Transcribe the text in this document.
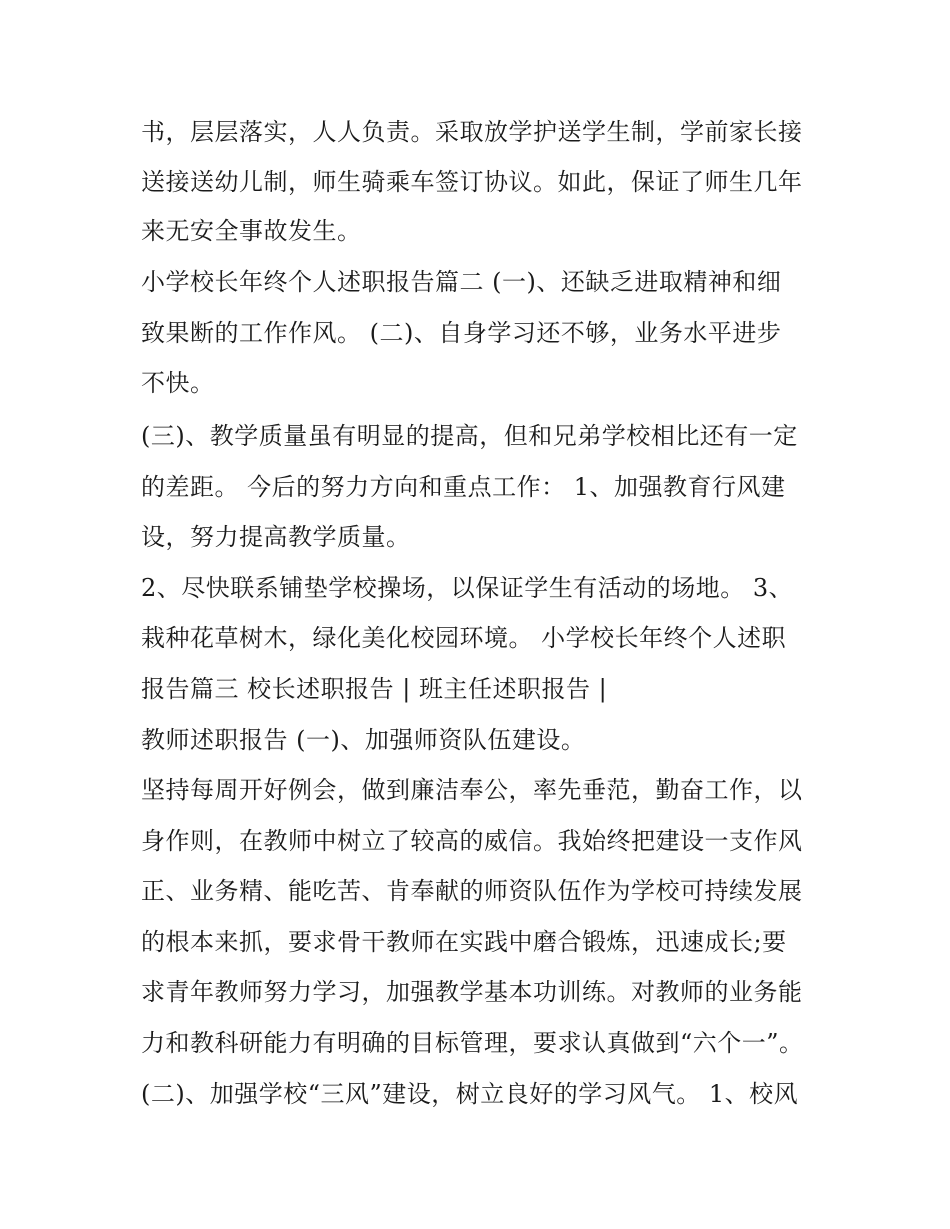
书，层层落实，人人负责。采取放学护送学生制，学前家长接
送接送幼儿制，师生骑乘车签订协议。如此，保证了师生几年
来无安全事故发生。
小学校长年终个人述职报告篇二 (一)、还缺乏进取精神和细
致果断的工作作风。 (二)、自身学习还不够，业务水平进步
不快。
(三)、教学质量虽有明显的提高，但和兄弟学校相比还有一定
的差距。 今后的努力方向和重点工作： 1、加强教育行风建
设，努力提高教学质量。
2、尽快联系铺垫学校操场，以保证学生有活动的场地。 3、
栽种花草树木，绿化美化校园环境。 小学校长年终个人述职
报告篇三 校长述职报告 | 班主任述职报告 |
教师述职报告 (一)、加强师资队伍建设。
坚持每周开好例会，做到廉洁奉公，率先垂范，勤奋工作，以
身作则，在教师中树立了较高的威信。我始终把建设一支作风
正、业务精、能吃苦、肯奉献的师资队伍作为学校可持续发展
的根本来抓，要求骨干教师在实践中磨合锻炼，迅速成长;要
求青年教师努力学习，加强教学基本功训练。对教师的业务能
力和教科研能力有明确的目标管理，要求认真做到“六个一”。
(二)、加强学校“三风”建设，树立良好的学习风气。 1、校风
